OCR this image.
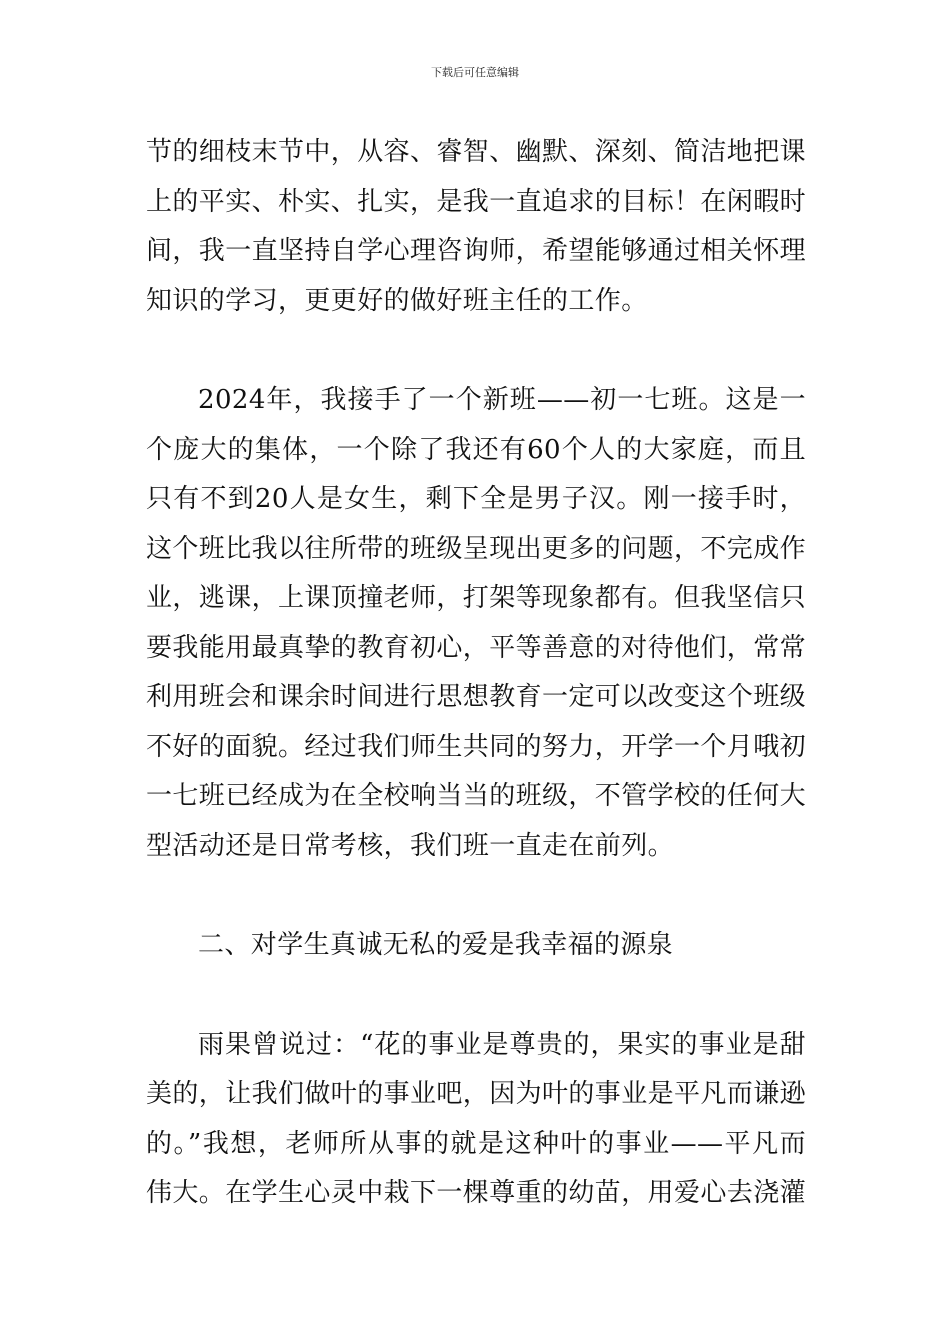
下载后可任意编辑

节的细枝末节中，从容、睿智、幽默、深刻、简洁地把课上的平实、朴实、扎实，是我一直追求的目标！在闲暇时间，我一直坚持自学心理咨询师，希望能够通过相关怀理知识的学习，更更好的做好班主任的工作。

2024年，我接手了一个新班——初一七班。这是一个庞大的集体，一个除了我还有60个人的大家庭，而且只有不到20人是女生，剩下全是男子汉。刚一接手时，这个班比我以往所带的班级呈现出更多的问题，不完成作业，逃课，上课顶撞老师，打架等现象都有。但我坚信只要我能用最真挚的教育初心，平等善意的对待他们，常常利用班会和课余时间进行思想教育一定可以改变这个班级不好的面貌。经过我们师生共同的努力，开学一个月哦初一七班已经成为在全校响当当的班级，不管学校的任何大型活动还是日常考核，我们班一直走在前列。

二、对学生真诚无私的爱是我幸福的源泉

雨果曾说过：“花的事业是尊贵的，果实的事业是甜美的，让我们做叶的事业吧，因为叶的事业是平凡而谦逊的。”我想，老师所从事的就是这种叶的事业——平凡而伟大。在学生心灵中栽下一棵尊重的幼苗，用爱心去浇灌
